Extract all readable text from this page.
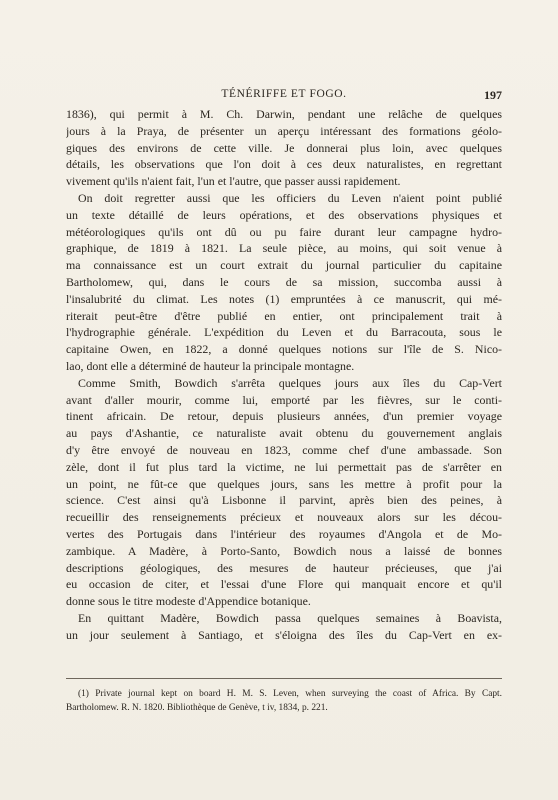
TÉNÉRIFFE ET FOGO.	197
1836), qui permit à M. Ch. Darwin, pendant une relâche de quelques
jours à la Praya, de présenter un aperçu intéressant des formations géolo-
giques des environs de cette ville. Je donnerai plus loin, avec quelques
détails, les observations que l'on doit à ces deux naturalistes, en regrettant
vivement qu'ils n'aient fait, l'un et l'autre, que passer aussi rapidement.
On doit regretter aussi que les officiers du Leven n'aient point publié
un texte détaillé de leurs opérations, et des observations physiques et
météorologiques qu'ils ont dû ou pu faire durant leur campagne hydro-
graphique, de 1819 à 1821. La seule pièce, au moins, qui soit venue à
ma connaissance est un court extrait du journal particulier du capitaine
Bartholomew, qui, dans le cours de sa mission, succomba aussi à
l'insalubrité du climat. Les notes (1) empruntées à ce manuscrit, qui mé-
riterait peut-être d'être publié en entier, ont principalement trait à
l'hydrographie générale. L'expédition du Leven et du Barracouta, sous le
capitaine Owen, en 1822, a donné quelques notions sur l'île de S. Nico-
lao, dont elle a déterminé de hauteur la principale montagne.
Comme Smith, Bowdich s'arrêta quelques jours aux îles du Cap-Vert
avant d'aller mourir, comme lui, emporté par les fièvres, sur le conti-
tinent africain. De retour, depuis plusieurs années, d'un premier voyage
au pays d'Ashantie, ce naturaliste avait obtenu du gouvernement anglais
d'y être envoyé de nouveau en 1823, comme chef d'une ambassade. Son
zèle, dont il fut plus tard la victime, ne lui permettait pas de s'arrêter en
un point, ne fût-ce que quelques jours, sans les mettre à profit pour la
science. C'est ainsi qu'à Lisbonne il parvint, après bien des peines, à
recueillir des renseignements précieux et nouveaux alors sur les décou-
vertes des Portugais dans l'intérieur des royaumes d'Angola et de Mo-
zambique. A Madère, à Porto-Santo, Bowdich nous a laissé de bonnes
descriptions géologiques, des mesures de hauteur précieuses, que j'ai
eu occasion de citer, et l'essai d'une Flore qui manquait encore et qu'il
donne sous le titre modeste d'Appendice botanique.
En quittant Madère, Bowdich passa quelques semaines à Boavista,
un jour seulement à Santiago, et s'éloigna des îles du Cap-Vert en ex-
(1) Private journal kept on board H. M. S. Leven, when surveying the coast of Africa. By Capt.
Bartholomew. R. N. 1820. Bibliothèque de Genève, t iv, 1834, p. 221.
